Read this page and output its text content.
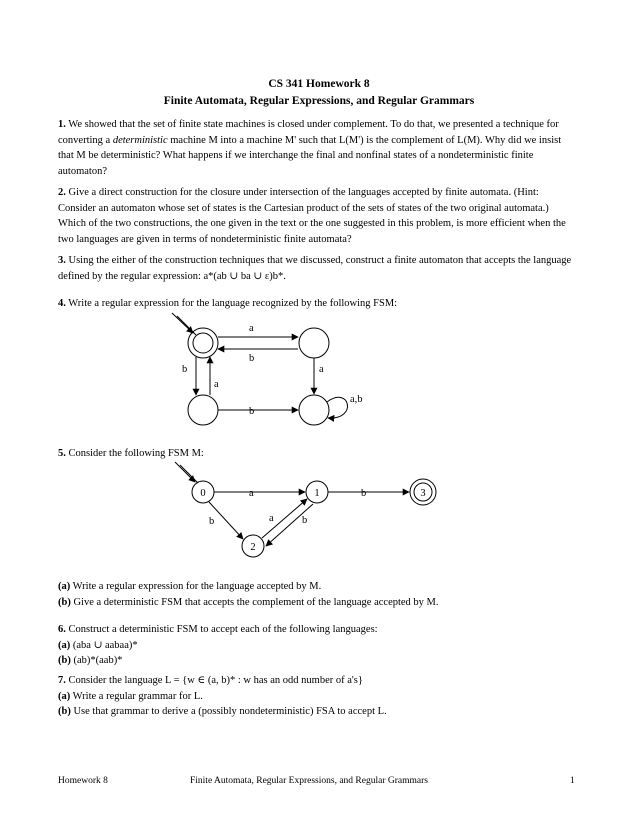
CS 341 Homework 8
Finite Automata, Regular Expressions, and Regular Grammars
1. We showed that the set of finite state machines is closed under complement. To do that, we presented a technique for converting a deterministic machine M into a machine M' such that L(M') is the complement of L(M). Why did we insist that M be deterministic? What happens if we interchange the final and nonfinal states of a nondeterministic finite automaton?
2. Give a direct construction for the closure under intersection of the languages accepted by finite automata. (Hint: Consider an automaton whose set of states is the Cartesian product of the sets of states of the two original automata.) Which of the two constructions, the one given in the text or the one suggested in this problem, is more efficient when the two languages are given in terms of nondeterministic finite automata?
3. Using the either of the construction techniques that we discussed, construct a finite automaton that accepts the language defined by the regular expression: a*(ab ∪ ba ∪ ε)b*.
4. Write a regular expression for the language recognized by the following FSM:
a
b
b
a
a
b
a,b
5. Consider the following FSM M:
0	1
2
3
a	b
b	a	b
(a) Write a regular expression for the language accepted by M.
(b) Give a deterministic FSM that accepts the complement of the language accepted by M.
6. Construct a deterministic FSM to accept each of the following languages:
(a) (aba ∪ aabaa)*
(b) (ab)*(aab)*
7. Consider the language L = {w ∈ (a, b)* : w has an odd number of a's}
(a) Write a regular grammar for L.
(b) Use that grammar to derive a (possibly nondeterministic) FSA to accept L.
Homework 8	Finite Automata, Regular Expressions, and Regular Grammars	1
